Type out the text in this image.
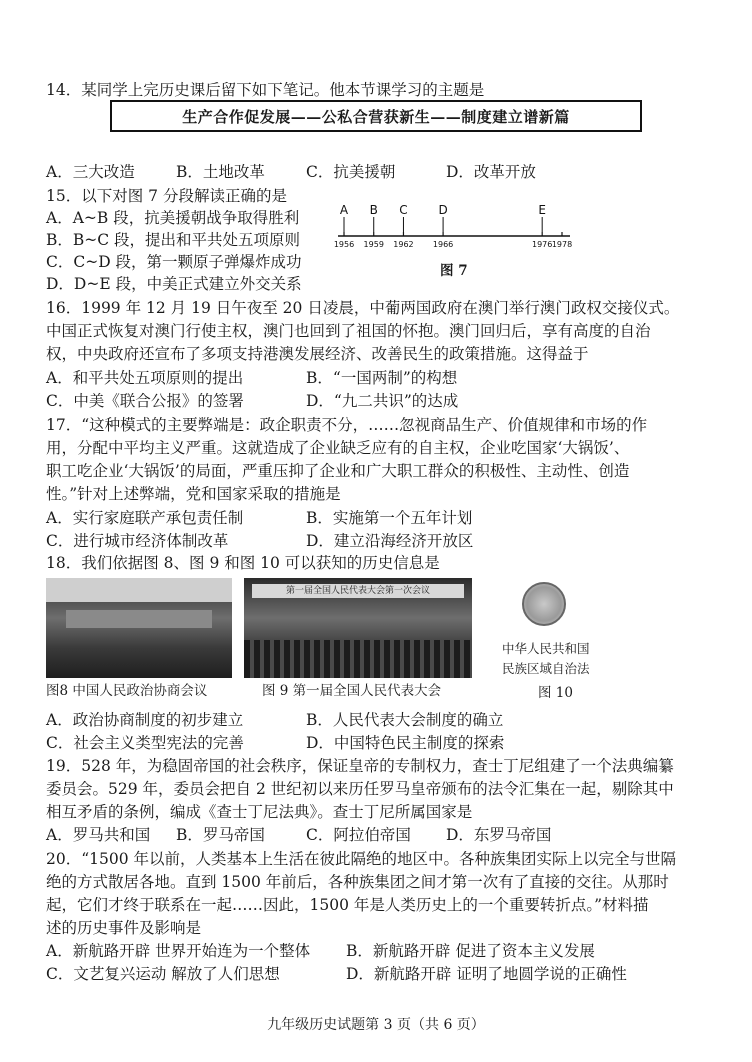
14．某同学上完历史课后留下如下笔记。他本节课学习的主题是
生产合作促发展——公私合营获新生——制度建立谱新篇
A．三大改造	B．土地改革	C．抗美援朝	D．改革开放
15．以下对图 7 分段解读正确的是
A．A~B 段，抗美援朝战争取得胜利
B．B~C 段，提出和平共处五项原则
C．C~D 段，第一颗原子弹爆炸成功
D．D~E 段，中美正式建立外交关系
1956 1959 1962 1966	1976 1978
A B C	D	E
图 7
16．1999 年 12 月 19 日午夜至 20 日凌晨，中葡两国政府在澳门举行澳门政权交接仪式。
中国正式恢复对澳门行使主权，澳门也回到了祖国的怀抱。澳门回归后，享有高度的自治
权，中央政府还宣布了多项支持港澳发展经济、改善民生的政策措施。这得益于
A．和平共处五项原则的提出	B．“一国两制”的构想
C．中美《联合公报》的签署	D．“九二共识”的达成
17．“这种模式的主要弊端是：政企职责不分，……忽视商品生产、价值规律和市场的作
用，分配中平均主义严重。这就造成了企业缺乏应有的自主权，企业吃国家‘大锅饭’、
职工吃企业‘大锅饭’的局面，严重压抑了企业和广大职工群众的积极性、主动性、创造
性。”针对上述弊端，党和国家采取的措施是
A．实行家庭联产承包责任制	B．实施第一个五年计划
C．进行城市经济体制改革	D．建立沿海经济开放区
18．我们依据图 8、图 9 和图 10 可以获知的历史信息是
图8 中国人民政治协商会议
第一届全国人民代表大会第一次会议
图 9 第一届全国人民代表大会
中华人民共和国
民族区域自治法
图 10
A．政治协商制度的初步建立	B．人民代表大会制度的确立
C．社会主义类型宪法的完善	D．中国特色民主制度的探索
19．528 年，为稳固帝国的社会秩序，保证皇帝的专制权力，查士丁尼组建了一个法典编纂
委员会。529 年，委员会把自 2 世纪初以来历任罗马皇帝颁布的法令汇集在一起，剔除其中
相互矛盾的条例，编成《查士丁尼法典》。查士丁尼所属国家是
A．罗马共和国 B．罗马帝国	C．阿拉伯帝国 D．东罗马帝国
20．“1500 年以前，人类基本上生活在彼此隔绝的地区中。各种族集团实际上以完全与世隔
绝的方式散居各地。直到 1500 年前后，各种族集团之间才第一次有了直接的交往。从那时
起，它们才终于联系在一起……因此，1500 年是人类历史上的一个重要转折点。”材料描
述的历史事件及影响是
A．新航路开辟 世界开始连为一个整体 B．新航路开辟 促进了资本主义发展
C．文艺复兴运动 解放了人们思想	D．新航路开辟 证明了地圆学说的正确性
九年级历史试题第 3 页（共 6 页）
